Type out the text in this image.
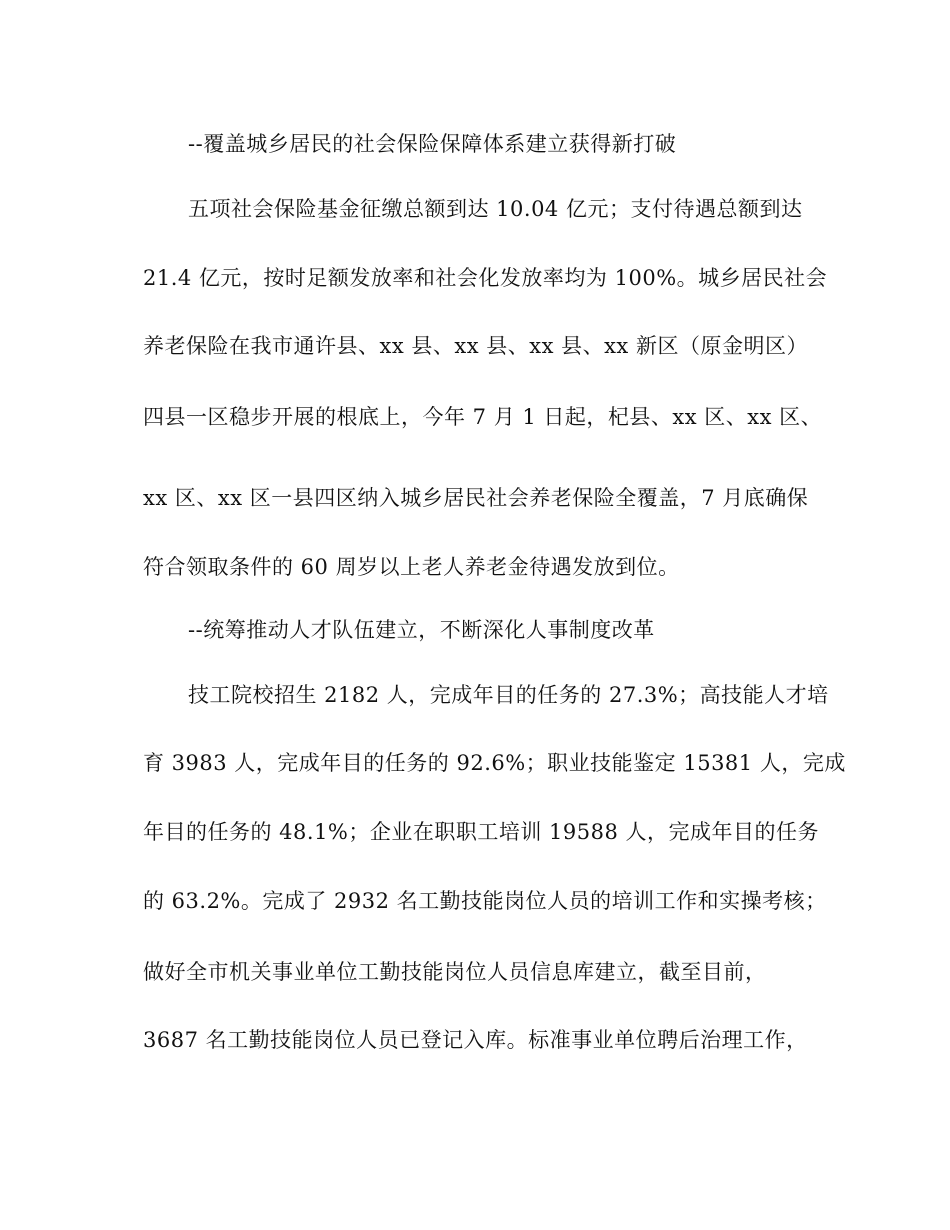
--覆盖城乡居民的社会保险保障体系建立获得新打破
五项社会保险基金征缴总额到达 10.04 亿元；支付待遇总额到达
21.4 亿元，按时足额发放率和社会化发放率均为 100%。城乡居民社会
养老保险在我市通许县、xx 县、xx 县、xx 县、xx 新区（原金明区）
四县一区稳步开展的根底上，今年 7 月 1 日起，杞县、xx 区、xx 区、
xx 区、xx 区一县四区纳入城乡居民社会养老保险全覆盖，7 月底确保
符合领取条件的 60 周岁以上老人养老金待遇发放到位。
--统筹推动人才队伍建立，不断深化人事制度改革
技工院校招生 2182 人，完成年目的任务的 27.3%；高技能人才培
育 3983 人，完成年目的任务的 92.6%；职业技能鉴定 15381 人，完成
年目的任务的 48.1%；企业在职职工培训 19588 人，完成年目的任务
的 63.2%。完成了 2932 名工勤技能岗位人员的培训工作和实操考核；
做好全市机关事业单位工勤技能岗位人员信息库建立，截至目前，
3687 名工勤技能岗位人员已登记入库。标准事业单位聘后治理工作，
